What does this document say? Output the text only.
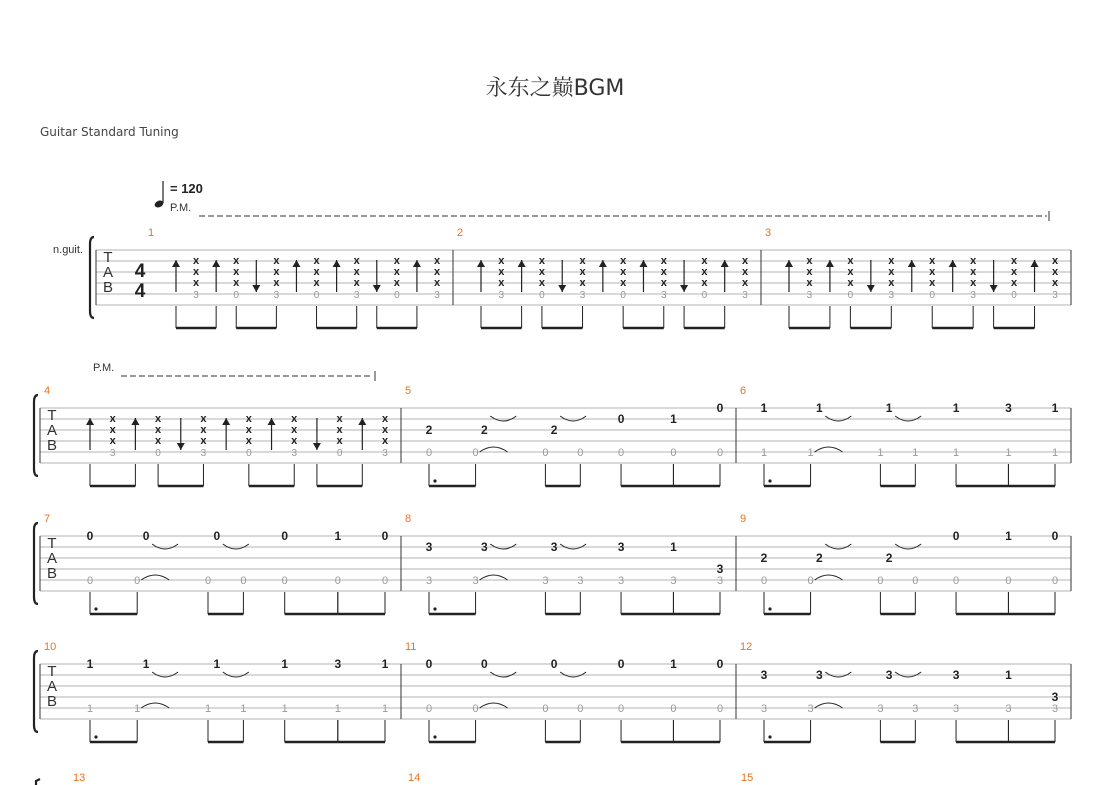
永东之巅BGM
Guitar Standard Tuning
= 120
T
A
B
n.guit.
4
4
P.M.
1
x
x
x
3
x
x
x
0
x
x
x
3
x
x
x
0
x
x
x
3
x
x
x
0
x
x
x
3
2
x
x
x
3
x
x
x
0
x
x
x
3
x
x
x
0
x
x
x
3
x
x
x
0
x
x
x
3
3
x
x
x
3
x
x
x
0
x
x
x
3
x
x
x
0
x
x
x
3
x
x
x
0
x
x
x
3
T
A
B
P.M.
4
x
x
x
3
x
x
x
0
x
x
x
3
x
x
x
0
x
x
x
3
x
x
x
0
x
x
x
3
5
2	2	2
0	1
0
0	0	0	0	0	0	0
6
1	1	1	1	3	1
1	1	1	1	1	1	1
T
A
B
7
0	0	0	0	1	0
0	0	0	0	0	0	0
8
3	3	3	3	1
3
3	3	3	3	3	3	3
9
2	2	2
0	1	0
0	0	0	0	0	0	0
T
A
B
10
1	1	1	1	3	1
1	1	1	1	1	1	1
11
0	0	0	0	1	0
0	0	0	0	0	0	0
12
3	3	3	3	1
3
3	3	3	3	3	3	3
13	14	15
